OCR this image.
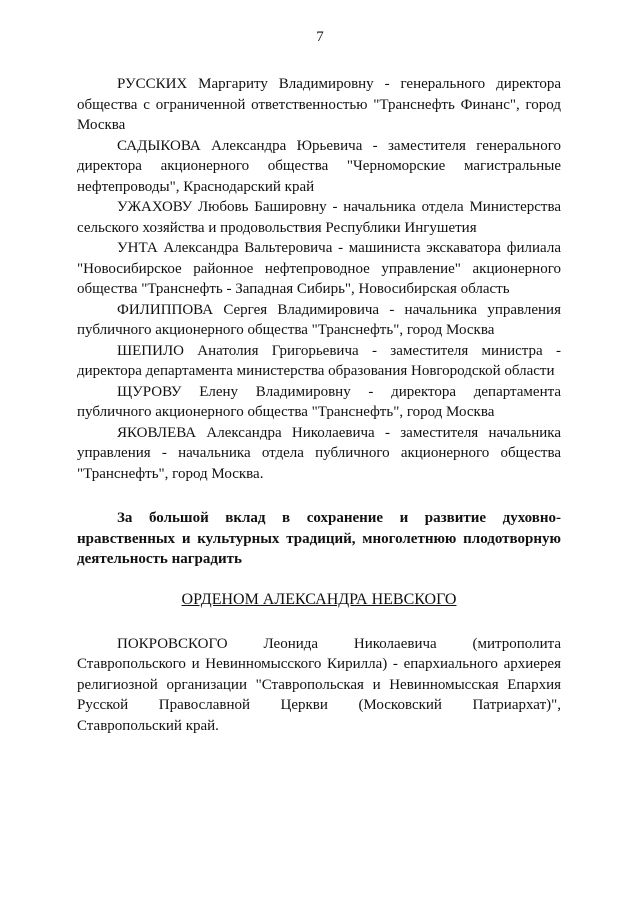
7

РУССКИХ Маргариту Владимировну - генерального директора общества с ограниченной ответственностью "Транснефть Финанс", город Москва

САДЫКОВА Александра Юрьевича - заместителя генерального директора акционерного общества "Черноморские магистральные нефтепроводы", Краснодарский край

УЖАХОВУ Любовь Башировну - начальника отдела Министерства сельского хозяйства и продовольствия Республики Ингушетия

УНТА Александра Вальтеровича - машиниста экскаватора филиала "Новосибирское районное нефтепроводное управление" акционерного общества "Транснефть - Западная Сибирь", Новосибирская область

ФИЛИППОВА Сергея Владимировича - начальника управления публичного акционерного общества "Транснефть", город Москва

ШЕПИЛО Анатолия Григорьевича - заместителя министра - директора департамента министерства образования Новгородской области

ЩУРОВУ Елену Владимировну - директора департамента публичного акционерного общества "Транснефть", город Москва

ЯКОВЛЕВА Александра Николаевича - заместителя начальника управления - начальника отдела публичного акционерного общества "Транснефть", город Москва.

За большой вклад в сохранение и развитие духовно-нравственных и культурных традиций, многолетнюю плодотворную деятельность наградить

ОРДЕНОМ АЛЕКСАНДРА НЕВСКОГО

ПОКРОВСКОГО Леонида Николаевича (митрополита Ставропольского и Невинномысского Кирилла) - епархиального архиерея религиозной организации "Ставропольская и Невинномысская Епархия Русской Православной Церкви (Московский Патриархат)", Ставропольский край.
